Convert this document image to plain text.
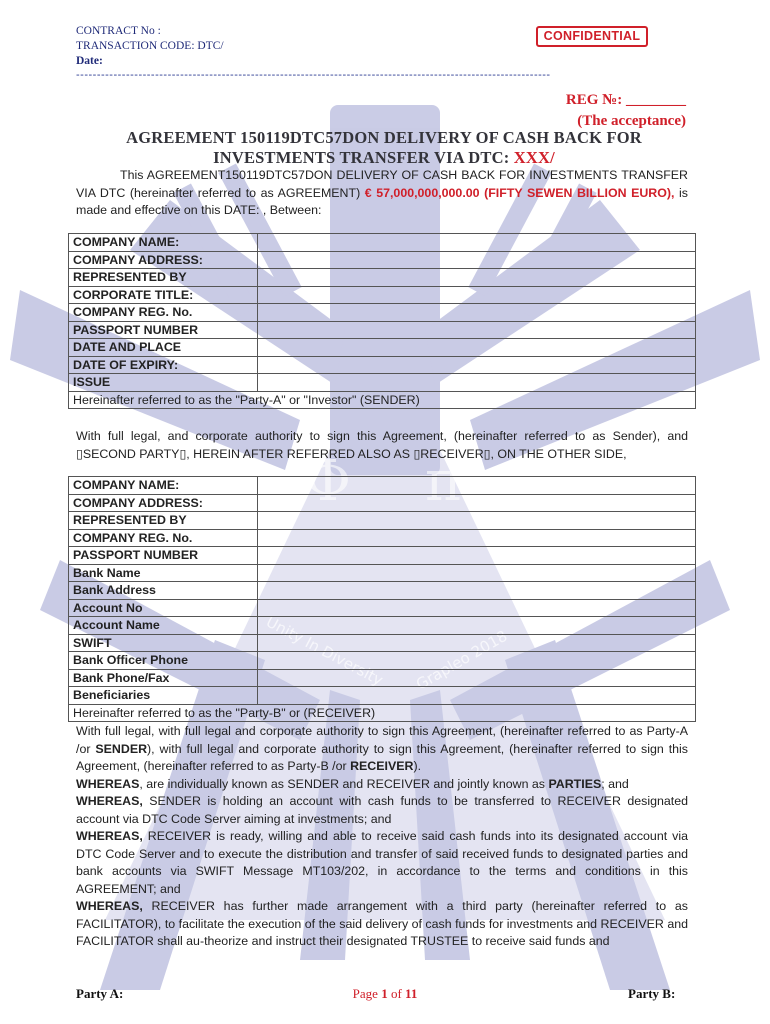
Φ π
Unity In Diversity Grapleo 2018
CONTRACT No :
TRANSACTION CODE: DTC/
Date:
CONFIDENTIAL
------------------------------------------------------------------------------------------------------------------
REG №: ________
(The acceptance)
AGREEMENT 150119DTC57DON DELIVERY OF CASH BACK FOR INVESTMENTS TRANSFER VIA DTC: XXX/
This AGREEMENT150119DTC57DON DELIVERY OF CASH BACK FOR INVESTMENTS TRANSFER VIA DTC (hereinafter referred to as AGREEMENT) € 57,000,000,000.00 (FIFTY SEWEN BILLION EURO), is made and effective on this DATE: , Between:
COMPANY NAME:	
COMPANY ADDRESS:	
REPRESENTED BY	
CORPORATE TITLE:	
COMPANY REG. No.	
PASSPORT NUMBER	
DATE AND PLACE	
DATE OF EXPIRY:	
ISSUE	
Hereinafter referred to as the "Party-A" or "Investor" (SENDER)	
With full legal, and corporate authority to sign this Agreement, (hereinafter referred to as Sender), and ▯SECOND PARTY▯, HEREIN AFTER REFERRED ALSO AS ▯RECEIVER▯, ON THE OTHER SIDE,
COMPANY NAME:	
COMPANY ADDRESS:	
REPRESENTED BY	
COMPANY REG. No.	
PASSPORT NUMBER	
Bank Name	
Bank Address	
Account No	
Account Name	
SWIFT	
Bank Officer Phone	
Bank Phone/Fax	
Beneficiaries	
Hereinafter referred to as the "Party-B" or (RECEIVER)	
With full legal, with full legal and corporate authority to sign this Agreement, (hereinafter referred to as Party-A /or SENDER), with full legal and corporate authority to sign this Agreement, (hereinafter referred to sign this Agreement, (hereinafter referred to as Party-B /or RECEIVER).
WHEREAS, are individually known as SENDER and RECEIVER and jointly known as PARTIES; and
WHEREAS, SENDER is holding an account with cash funds to be transferred to RECEIVER designated account via DTC Code Server aiming at investments; and
WHEREAS, RECEIVER is ready, willing and able to receive said cash funds into its designated account via DTC Code Server and to execute the distribution and transfer of said received funds to designated parties and bank accounts via SWIFT Message MT103/202, in accordance to the terms and conditions in this AGREEMENT; and
WHEREAS, RECEIVER has further made arrangement with a third party (hereinafter referred to as FACILITATOR), to facilitate the execution of the said delivery of cash funds for investments and RECEIVER and FACILITATOR shall au-theorize and instruct their designated TRUSTEE to receive said funds and
Party A:	Page 1 of 11	Party B:
